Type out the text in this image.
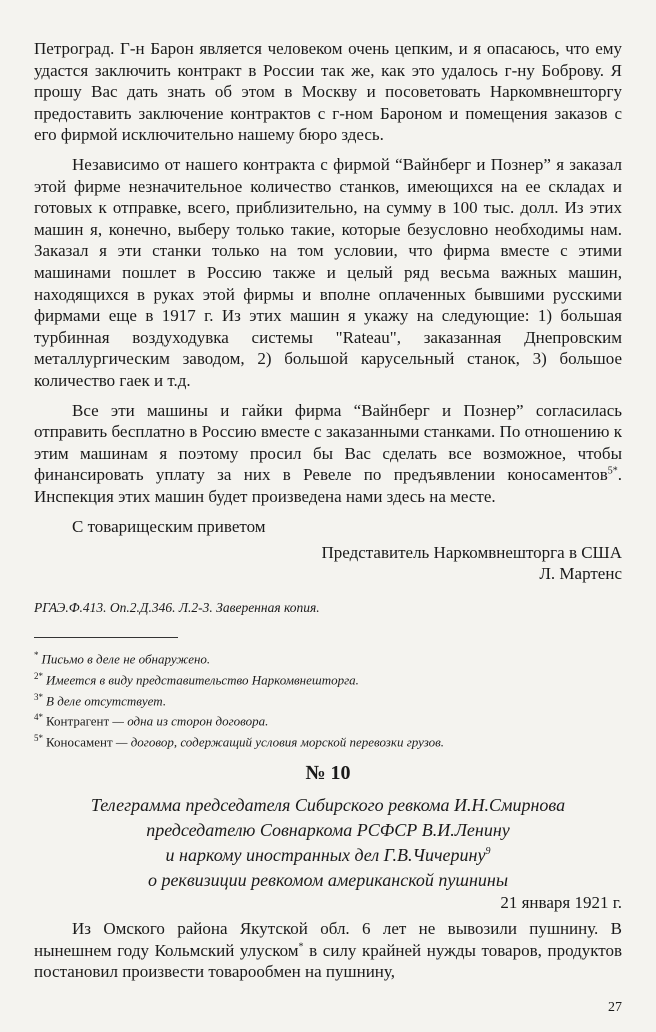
Петроград. Г-н Барон является человеком очень цепким, и я опасаюсь, что ему удастся заключить контракт в России так же, как это удалось г-ну Боброву. Я прошу Вас дать знать об этом в Москву и посоветовать Наркомвнешторгу предоставить заключение контрактов с г-ном Бароном и помещения заказов с его фирмой исключительно нашему бюро здесь.

Независимо от нашего контракта с фирмой “Вайнберг и Познер” я заказал этой фирме незначительное количество станков, имеющихся на ее складах и готовых к отправке, всего, приблизительно, на сумму в 100 тыс. долл. Из этих машин я, конечно, выберу только такие, которые безусловно необходимы нам. Заказал я эти станки только на том условии, что фирма вместе с этими машинами пошлет в Россию также и целый ряд весьма важных машин, находящихся в руках этой фирмы и вполне оплаченных бывшими русскими фирмами еще в 1917 г. Из этих машин я укажу на следующие: 1) большая турбинная воздуходувка системы "Rateau", заказанная Днепровским металлургическим заводом, 2) большой карусельный станок, 3) большое количество гаек и т.д.

Все эти машины и гайки фирма “Вайнберг и Познер” согласилась отправить бесплатно в Россию вместе с заказанными станками. По отношению к этим машинам я поэтому просил бы Вас сделать все возможное, чтобы финансировать уплату за них в Ревеле по предъявлении коносаментов$^{5*}$. Инспекция этих машин будет произведена нами здесь на месте.

С товарищеским приветом
Представитель Наркомвнешторга в США
Л. Мартенс
РГАЭ.Ф.413. Оп.2.Д.346. Л.2-3. Заверенная копия.
* Письмо в деле не обнаружено.
$^{2*}$ Имеется в виду представительство Наркомвнешторга.
$^{3*}$ В деле отсутствует.
$^{4*}$ Контрагент — одна из сторон договора.
$^{5*}$ Коносамент — договор, содержащий условия морской перевозки грузов.
№ 10
Телеграмма председателя Сибирского ревкома И.Н.Смирнова
председателю Совнаркома РСФСР В.И.Ленину
и наркому иностранных дел Г.В.Чичерину$^9$
о реквизиции ревкомом американской пушнины
21 января 1921 г.

Из Омского района Якутской обл. 6 лет не вывозили пушнину. В нынешнем году Кольмский улуском* в силу крайней нужды товаров, продуктов постановил произвести товарообмен на пушнину,

27
